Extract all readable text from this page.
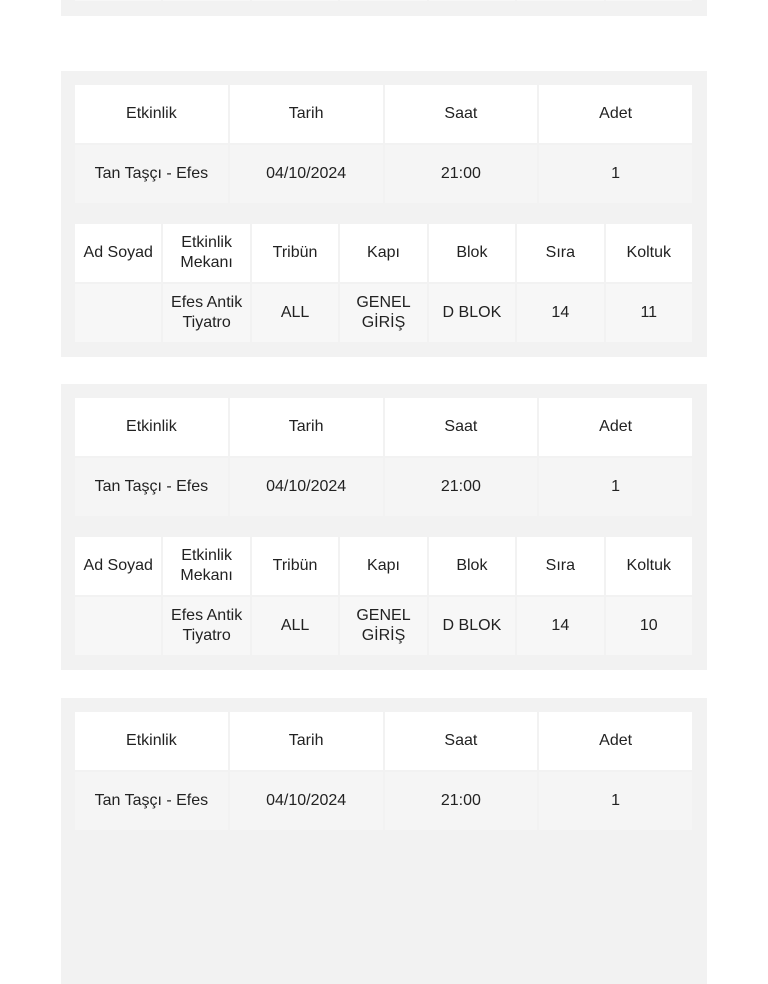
Etkinlik	Tarih	Saat	Adet
Tan Taşçı - Efes	04/10/2024	21:00	1
Ad Soyad	Etkinlik Mekanı	Tribün	Kapı	Blok	Sıra	Koltuk
	Efes Antik Tiyatro	ALL	GENEL GİRİŞ	D BLOK	14	11
Etkinlik	Tarih	Saat	Adet
Tan Taşçı - Efes	04/10/2024	21:00	1
Ad Soyad	Etkinlik Mekanı	Tribün	Kapı	Blok	Sıra	Koltuk
	Efes Antik Tiyatro	ALL	GENEL GİRİŞ	D BLOK	14	10
Etkinlik	Tarih	Saat	Adet
Tan Taşçı - Efes	04/10/2024	21:00	1
